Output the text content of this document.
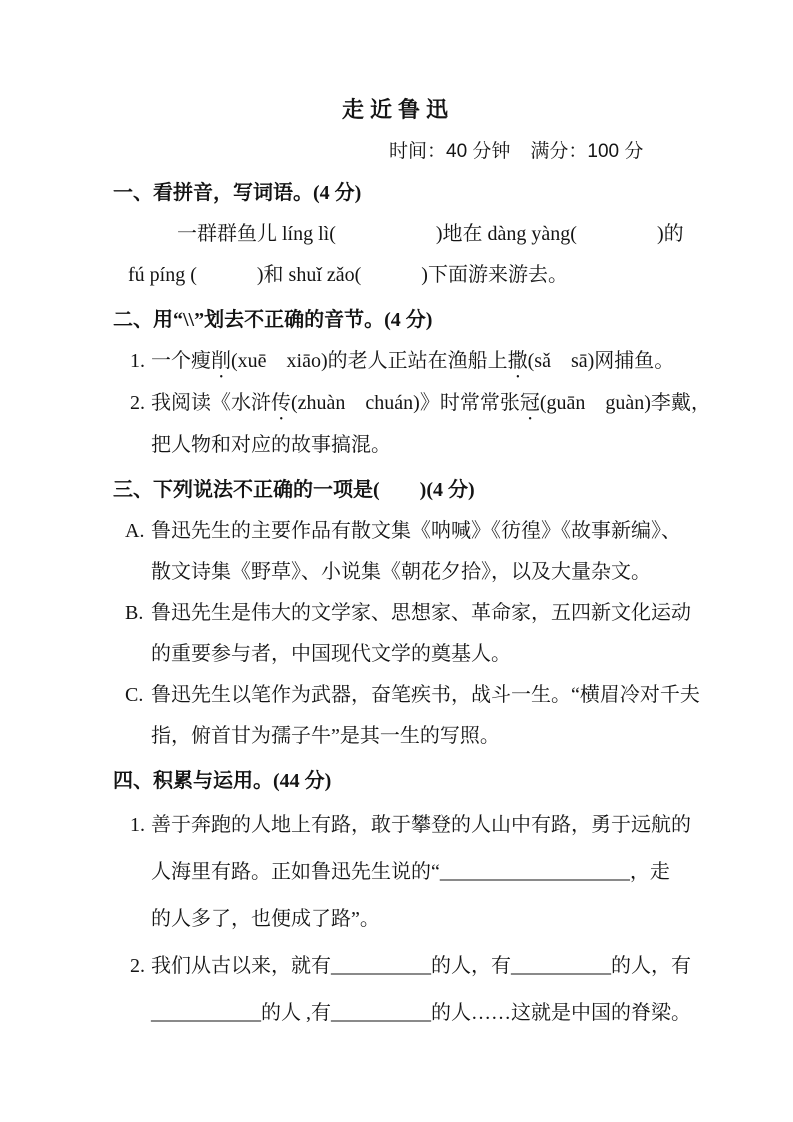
走近鲁迅
时间：40 分钟 满分：100 分
一、看拼音，写词语。(4 分)
一群群鱼儿 líng lì(　　　　　)地在 dàng yàng(　　　　)的
fú píng (　　　)和 shuǐ zǎo(　　　)下面游来游去。
二、用“\\”划去不正确的音节。(4 分)
1. 一个瘦削(xuē　xiāo)的老人正站在渔船上撒(sǎ　sā)网捕鱼。
2. 我阅读《水浒传(zhuàn　chuán)》时常常张冠(guān　guàn)李戴，
把人物和对应的故事搞混。
三、下列说法不正确的一项是(　　)(4 分)
A. 鲁迅先生的主要作品有散文集《呐喊》《彷徨》《故事新编》、
散文诗集《野草》、小说集《朝花夕拾》，以及大量杂文。
B. 鲁迅先生是伟大的文学家、思想家、革命家，五四新文化运动
的重要参与者，中国现代文学的奠基人。
C. 鲁迅先生以笔作为武器，奋笔疾书，战斗一生。“横眉冷对千夫
指，俯首甘为孺子牛”是其一生的写照。
四、积累与运用。(44 分)
1. 善于奔跑的人地上有路，敢于攀登的人山中有路，勇于远航的
人海里有路。正如鲁迅先生说的“___________________，走
的人多了，也便成了路”。
2. 我们从古以来，就有__________的人，有__________的人，有
___________的人 ,有__________的人……这就是中国的脊梁。
